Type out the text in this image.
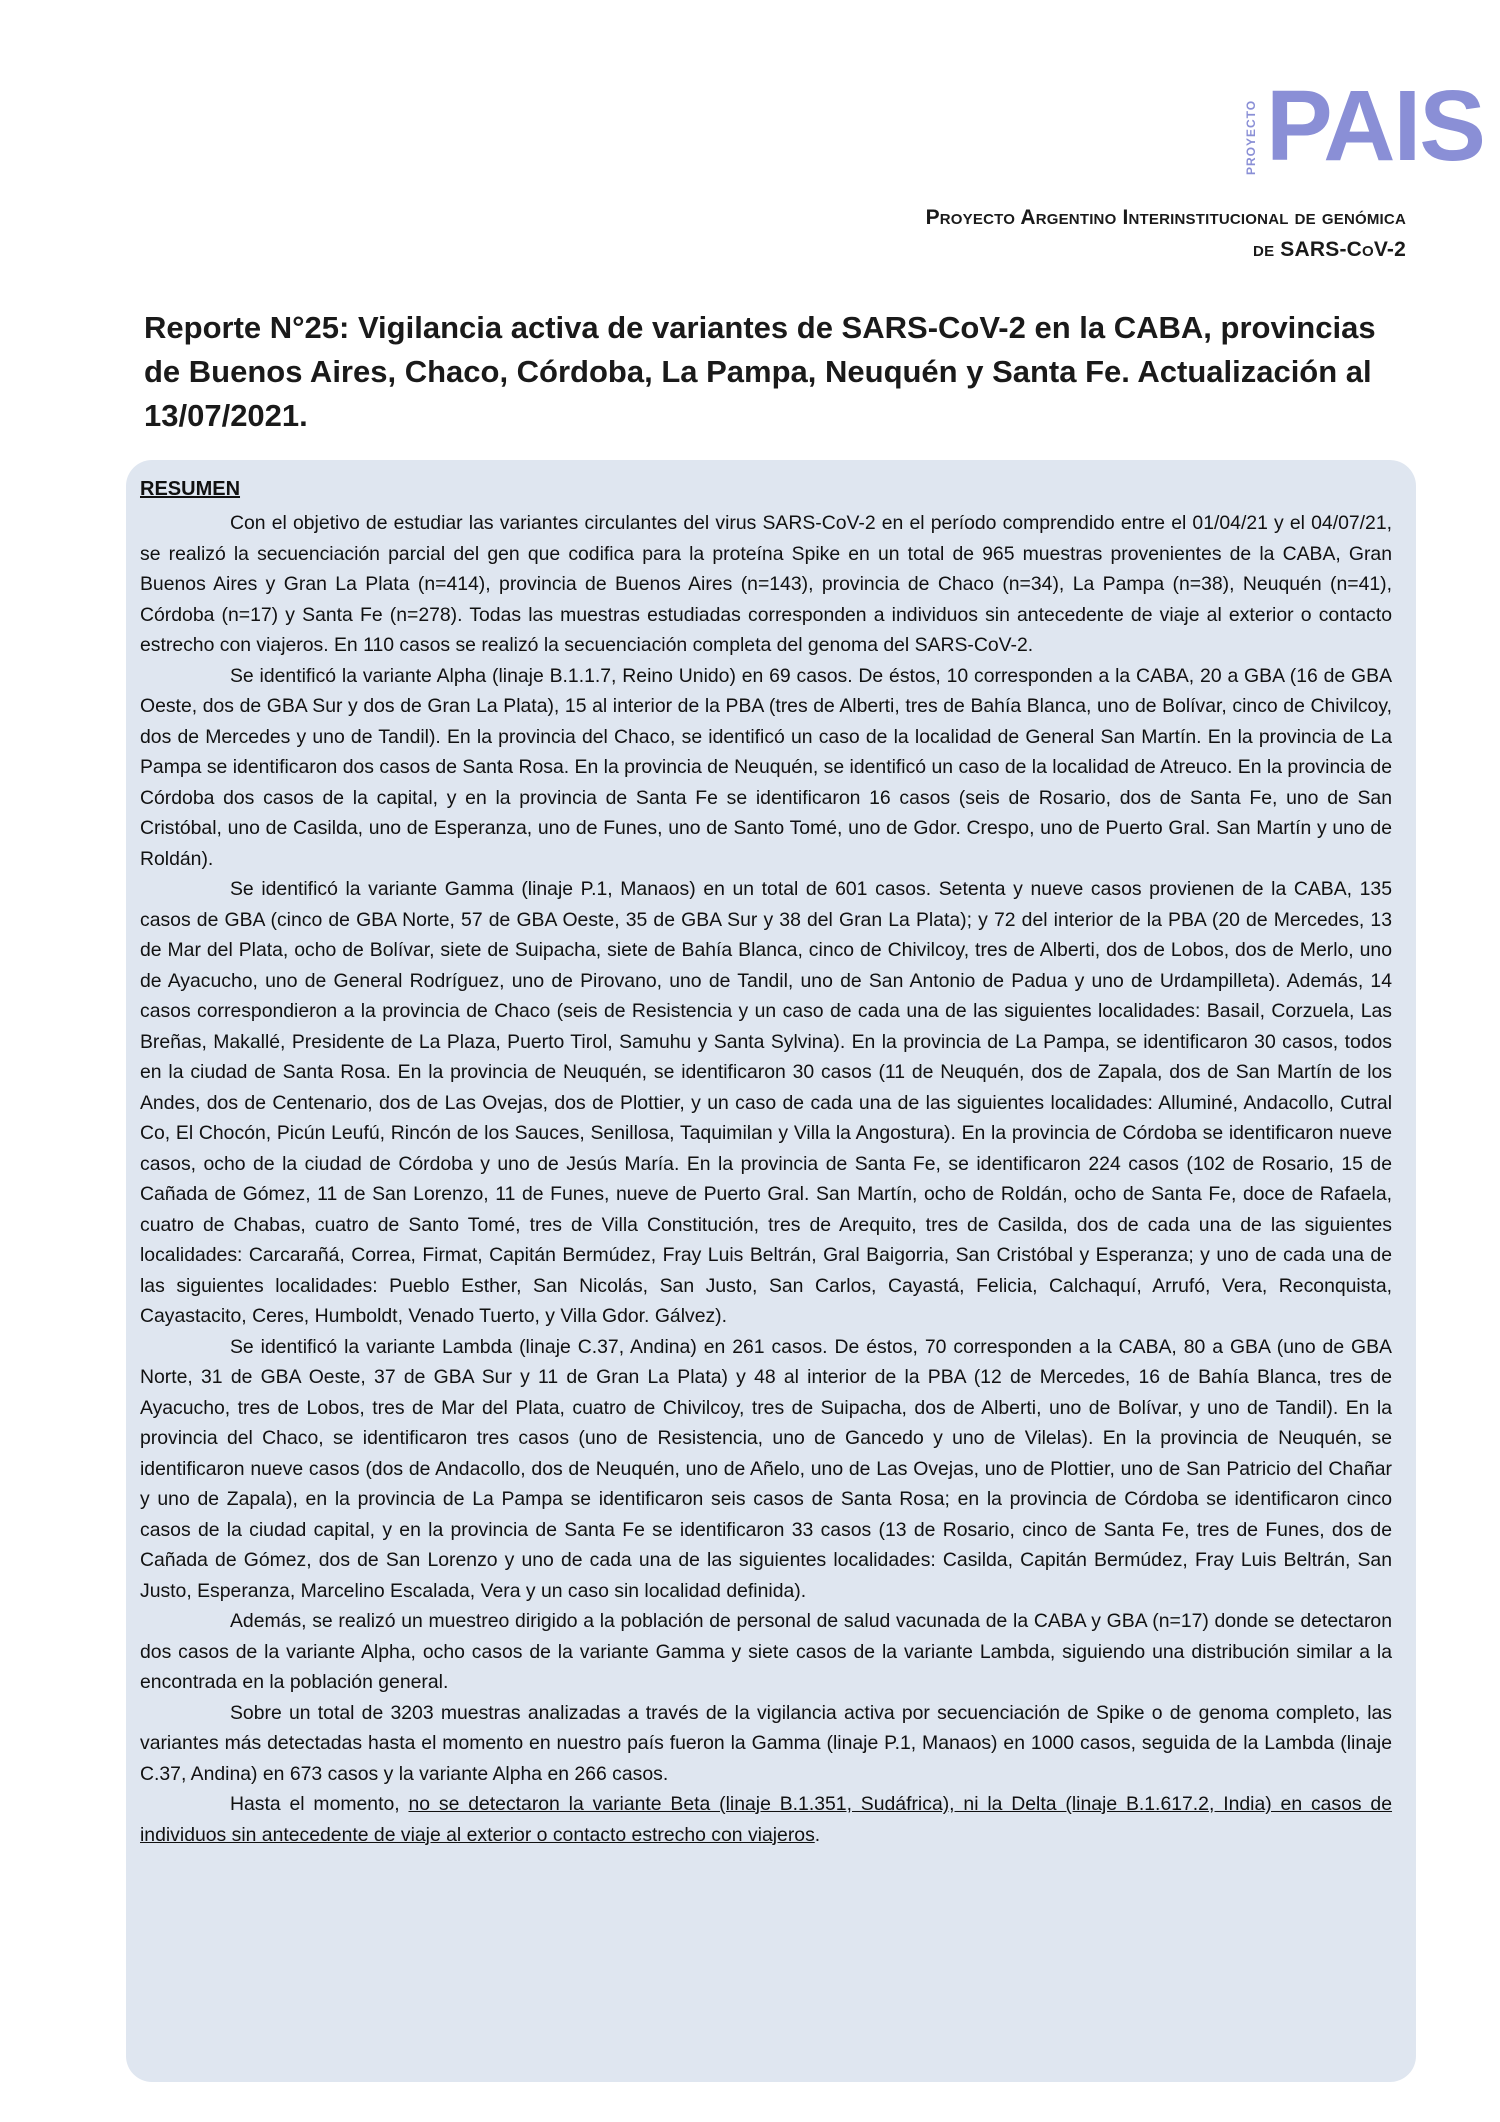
PROYECTO PAIS
Proyecto Argentino Interinstitucional de genómica
de SARS-CoV-2
Reporte N°25: Vigilancia activa de variantes de SARS-CoV-2 en la CABA, provincias de Buenos Aires, Chaco, Córdoba, La Pampa, Neuquén y Santa Fe. Actualización al 13/07/2021.
RESUMEN

Con el objetivo de estudiar las variantes circulantes del virus SARS-CoV-2 en el período comprendido entre el 01/04/21 y el 04/07/21, se realizó la secuenciación parcial del gen que codifica para la proteína Spike en un total de 965 muestras provenientes de la CABA, Gran Buenos Aires y Gran La Plata (n=414), provincia de Buenos Aires (n=143), provincia de Chaco (n=34), La Pampa (n=38), Neuquén (n=41), Córdoba (n=17) y Santa Fe (n=278). Todas las muestras estudiadas corresponden a individuos sin antecedente de viaje al exterior o contacto estrecho con viajeros. En 110 casos se realizó la secuenciación completa del genoma del SARS-CoV-2.

Se identificó la variante Alpha (linaje B.1.1.7, Reino Unido) en 69 casos. De éstos, 10 corresponden a la CABA, 20 a GBA (16 de GBA Oeste, dos de GBA Sur y dos de Gran La Plata), 15 al interior de la PBA (tres de Alberti, tres de Bahía Blanca, uno de Bolívar, cinco de Chivilcoy, dos de Mercedes y uno de Tandil). En la provincia del Chaco, se identificó un caso de la localidad de General San Martín. En la provincia de La Pampa se identificaron dos casos de Santa Rosa. En la provincia de Neuquén, se identificó un caso de la localidad de Atreuco. En la provincia de Córdoba dos casos de la capital, y en la provincia de Santa Fe se identificaron 16 casos (seis de Rosario, dos de Santa Fe, uno de San Cristóbal, uno de Casilda, uno de Esperanza, uno de Funes, uno de Santo Tomé, uno de Gdor. Crespo, uno de Puerto Gral. San Martín y uno de Roldán).

Se identificó la variante Gamma (linaje P.1, Manaos) en un total de 601 casos. Setenta y nueve casos provienen de la CABA, 135 casos de GBA (cinco de GBA Norte, 57 de GBA Oeste, 35 de GBA Sur y 38 del Gran La Plata); y 72 del interior de la PBA (20 de Mercedes, 13 de Mar del Plata, ocho de Bolívar, siete de Suipacha, siete de Bahía Blanca, cinco de Chivilcoy, tres de Alberti, dos de Lobos, dos de Merlo, uno de Ayacucho, uno de General Rodríguez, uno de Pirovano, uno de Tandil, uno de San Antonio de Padua y uno de Urdampilleta). Además, 14 casos correspondieron a la provincia de Chaco (seis de Resistencia y un caso de cada una de las siguientes localidades: Basail, Corzuela, Las Breñas, Makallé, Presidente de La Plaza, Puerto Tirol, Samuhu y Santa Sylvina). En la provincia de La Pampa, se identificaron 30 casos, todos en la ciudad de Santa Rosa. En la provincia de Neuquén, se identificaron 30 casos (11 de Neuquén, dos de Zapala, dos de San Martín de los Andes, dos de Centenario, dos de Las Ovejas, dos de Plottier, y un caso de cada una de las siguientes localidades: Alluminé, Andacollo, Cutral Co, El Chocón, Picún Leufú, Rincón de los Sauces, Senillosa, Taquimilan y Villa la Angostura). En la provincia de Córdoba se identificaron nueve casos, ocho de la ciudad de Córdoba y uno de Jesús María. En la provincia de Santa Fe, se identificaron 224 casos (102 de Rosario, 15 de Cañada de Gómez, 11 de San Lorenzo, 11 de Funes, nueve de Puerto Gral. San Martín, ocho de Roldán, ocho de Santa Fe, doce de Rafaela, cuatro de Chabas, cuatro de Santo Tomé, tres de Villa Constitución, tres de Arequito, tres de Casilda, dos de cada una de las siguientes localidades: Carcarañá, Correa, Firmat, Capitán Bermúdez, Fray Luis Beltrán, Gral Baigorria, San Cristóbal y Esperanza; y uno de cada una de las siguientes localidades: Pueblo Esther, San Nicolás, San Justo, San Carlos, Cayastá, Felicia, Calchaquí, Arrufó, Vera, Reconquista, Cayastacito, Ceres, Humboldt, Venado Tuerto, y Villa Gdor. Gálvez).

Se identificó la variante Lambda (linaje C.37, Andina) en 261 casos. De éstos, 70 corresponden a la CABA, 80 a GBA (uno de GBA Norte, 31 de GBA Oeste, 37 de GBA Sur y 11 de Gran La Plata) y 48 al interior de la PBA (12 de Mercedes, 16 de Bahía Blanca, tres de Ayacucho, tres de Lobos, tres de Mar del Plata, cuatro de Chivilcoy, tres de Suipacha, dos de Alberti, uno de Bolívar, y uno de Tandil). En la provincia del Chaco, se identificaron tres casos (uno de Resistencia, uno de Gancedo y uno de Vilelas). En la provincia de Neuquén, se identificaron nueve casos (dos de Andacollo, dos de Neuquén, uno de Añelo, uno de Las Ovejas, uno de Plottier, uno de San Patricio del Chañar y uno de Zapala), en la provincia de La Pampa se identificaron seis casos de Santa Rosa; en la provincia de Córdoba se identificaron cinco casos de la ciudad capital, y en la provincia de Santa Fe se identificaron 33 casos (13 de Rosario, cinco de Santa Fe, tres de Funes, dos de Cañada de Gómez, dos de San Lorenzo y uno de cada una de las siguientes localidades: Casilda, Capitán Bermúdez, Fray Luis Beltrán, San Justo, Esperanza, Marcelino Escalada, Vera y un caso sin localidad definida).

Además, se realizó un muestreo dirigido a la población de personal de salud vacunada de la CABA y GBA (n=17) donde se detectaron dos casos de la variante Alpha, ocho casos de la variante Gamma y siete casos de la variante Lambda, siguiendo una distribución similar a la encontrada en la población general.

Sobre un total de 3203 muestras analizadas a través de la vigilancia activa por secuenciación de Spike o de genoma completo, las variantes más detectadas hasta el momento en nuestro país fueron la Gamma (linaje P.1, Manaos) en 1000 casos, seguida de la Lambda (linaje C.37, Andina) en 673 casos y la variante Alpha en 266 casos.

Hasta el momento, no se detectaron la variante Beta (linaje B.1.351, Sudáfrica), ni la Delta (linaje B.1.617.2, India) en casos de individuos sin antecedente de viaje al exterior o contacto estrecho con viajeros.
